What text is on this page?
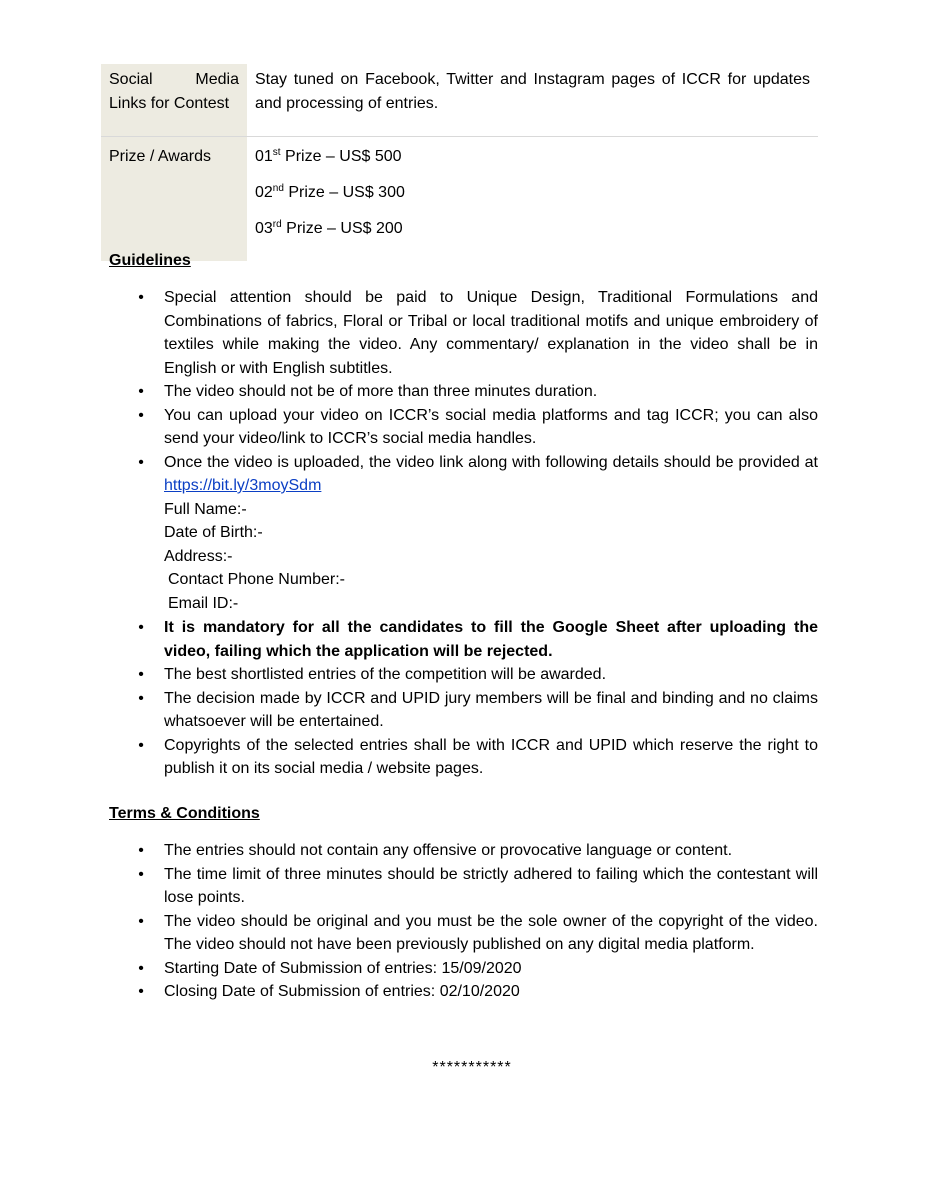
Social Media Links for Contest	Stay tuned on Facebook, Twitter and Instagram pages of ICCR for updates and processing of entries.
Prize / Awards	01st Prize – US$ 500
02nd Prize – US$ 300
03rd Prize – US$ 200
Guidelines
• Special attention should be paid to Unique Design, Traditional Formulations and Combinations of fabrics, Floral or Tribal or local traditional motifs and unique embroidery of textiles while making the video. Any commentary/ explanation in the video shall be in English or with English subtitles.
• The video should not be of more than three minutes duration.
• You can upload your video on ICCR’s social media platforms and tag ICCR; you can also send your video/link to ICCR’s social media handles.
• Once the video is uploaded, the video link along with following details should be provided at https://bit.ly/3moySdm
Full Name:-
Date of Birth:-
Address:-
Contact Phone Number:-
Email ID:-
• It is mandatory for all the candidates to fill the Google Sheet after uploading the video, failing which the application will be rejected.
• The best shortlisted entries of the competition will be awarded.
• The decision made by ICCR and UPID jury members will be final and binding and no claims whatsoever will be entertained.
• Copyrights of the selected entries shall be with ICCR and UPID which reserve the right to publish it on its social media / website pages.
Terms & Conditions
• The entries should not contain any offensive or provocative language or content.
• The time limit of three minutes should be strictly adhered to failing which the contestant will lose points.
• The video should be original and you must be the sole owner of the copyright of the video. The video should not have been previously published on any digital media platform.
• Starting Date of Submission of entries: 15/09/2020
• Closing Date of Submission of entries: 02/10/2020
***********
